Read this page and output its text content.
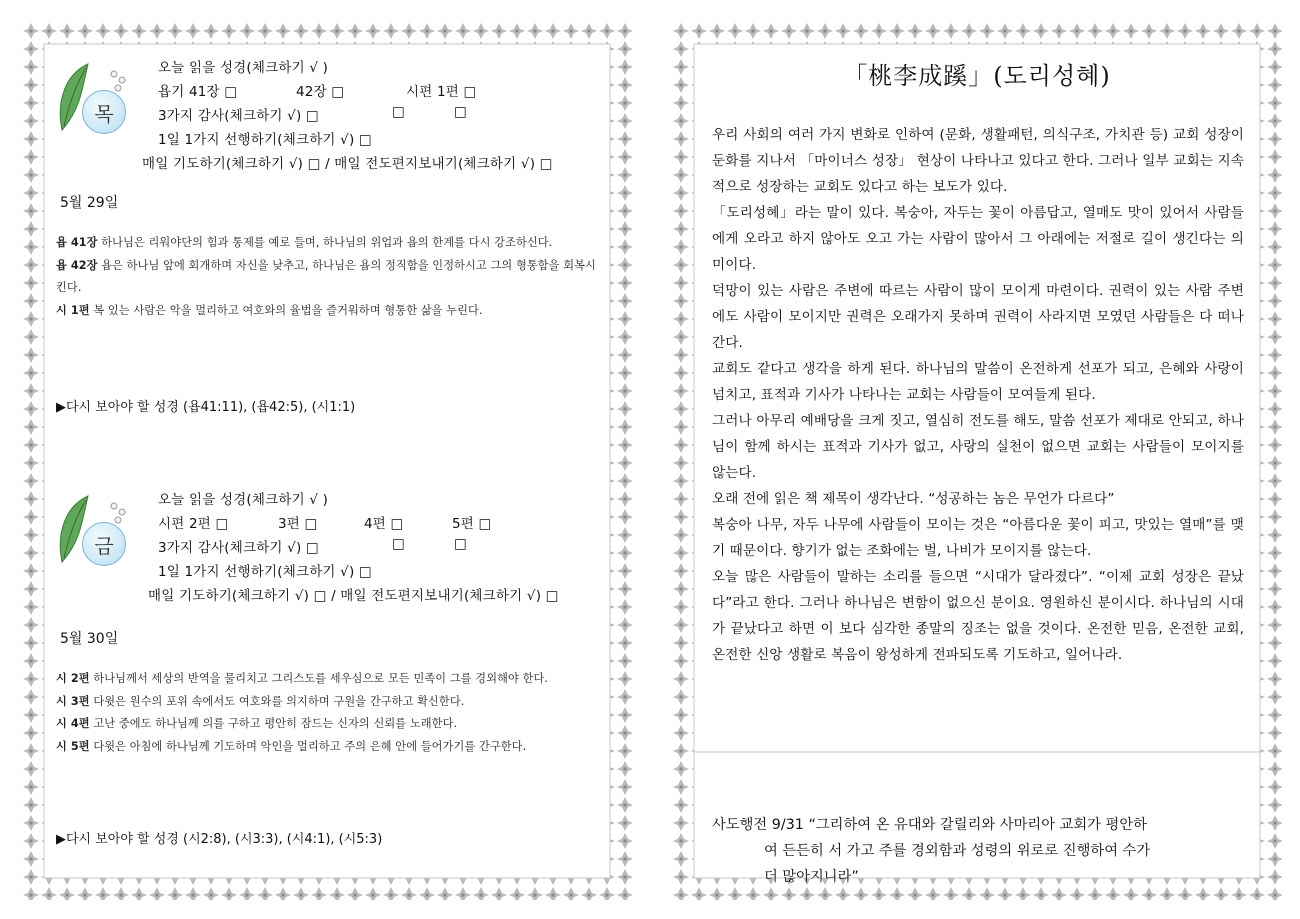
목
오늘 읽을 성경(체크하기 √ )
욥기 41장 □	42장 □	시편 1편 □
3가지 감사(체크하기 √) □	□	□
1일 1가지 선행하기(체크하기 √) □
매일 기도하기(체크하기 √) □ / 매일 전도편지보내기(체크하기 √) □
5월 29일
욥 41장 하나님은 리워야단의 힘과 통제를 예로 들며, 하나님의 위업과 욥의 한계를 다시 강조하신다.
욥 42장 욥은 하나님 앞에 회개하며 자신을 낮추고, 하나님은 욥의 정직함을 인정하시고 그의 형통함을 회복시킨다.
시 1편 복 있는 사람은 악을 멀리하고 여호와의 율법을 즐거워하며 형통한 삶을 누린다.
▶다시 보아야 할 성경 (욥41:11), (욥42:5), (시1:1)
금
오늘 읽을 성경(체크하기 √ )
시편 2편 □	3편 □	4편 □	5편 □
3가지 감사(체크하기 √) □	□	□
1일 1가지 선행하기(체크하기 √) □
매일 기도하기(체크하기 √) □ / 매일 전도편지보내기(체크하기 √) □
5월 30일
시 2편 하나님께서 세상의 반역을 물리치고 그리스도를 세우심으로 모든 민족이 그를 경외해야 한다.
시 3편 다윗은 원수의 포위 속에서도 여호와를 의지하며 구원을 간구하고 확신한다.
시 4편 고난 중에도 하나님께 의를 구하고 평안히 잠드는 신자의 신뢰를 노래한다.
시 5편 다윗은 아침에 하나님께 기도하며 악인을 멀리하고 주의 은혜 안에 들어가기를 간구한다.
▶다시 보아야 할 성경 (시2:8), (시3:3), (시4:1), (시5:3)
「桃李成蹊」(도리성혜)

우리 사회의 여러 가지 변화로 인하여 (문화, 생활패턴, 의식구조, 가치관 등) 교회 성장이 둔화를 지나서 「마이너스 성장」 현상이 나타나고 있다고 한다. 그러나 일부 교회는 지속적으로 성장하는 교회도 있다고 하는 보도가 있다.

「도리성혜」라는 말이 있다. 복숭아, 자두는 꽃이 아름답고, 열매도 맛이 있어서 사람들에게 오라고 하지 않아도 오고 가는 사람이 많아서 그 아래에는 저절로 길이 생긴다는 의미이다.

덕망이 있는 사람은 주변에 따르는 사람이 많이 모이게 마련이다. 권력이 있는 사람 주변에도 사람이 모이지만 권력은 오래가지 못하며 권력이 사라지면 모였던 사람들은 다 떠나간다.

교회도 같다고 생각을 하게 된다. 하나님의 말씀이 온전하게 선포가 되고, 은혜와 사랑이 넘치고, 표적과 기사가 나타나는 교회는 사람들이 모여들게 된다.

그러나 아무리 예배당을 크게 짓고, 열심히 전도를 해도, 말씀 선포가 제대로 안되고, 하나님이 함께 하시는 표적과 기사가 없고, 사랑의 실천이 없으면 교회는 사람들이 모이지를 않는다.

오래 전에 읽은 책 제목이 생각난다. “성공하는 놈은 무언가 다르다”

복숭아 나무, 자두 나무에 사람들이 모이는 것은 “아름다운 꽃이 피고, 맛있는 열매”를 맺기 때문이다. 향기가 없는 조화에는 벌, 나비가 모이지를 않는다.

오늘 많은 사람들이 말하는 소리를 들으면 “시대가 달라졌다”. “이제 교회 성장은 끝났다”라고 한다. 그러나 하나님은 변함이 없으신 분이요. 영원하신 분이시다. 하나님의 시대가 끝났다고 하면 이 보다 심각한 종말의 징조는 없을 것이다. 온전한 믿음, 온전한 교회, 온전한 신앙 생활로 복음이 왕성하게 전파되도록 기도하고, 일어나라.

사도행전 9/31 “그리하여 온 유대와 갈릴리와 사마리아 교회가 평안하
여 든든히 서 가고 주를 경외함과 성령의 위로로 진행하여 수가
더 많아지니라”
